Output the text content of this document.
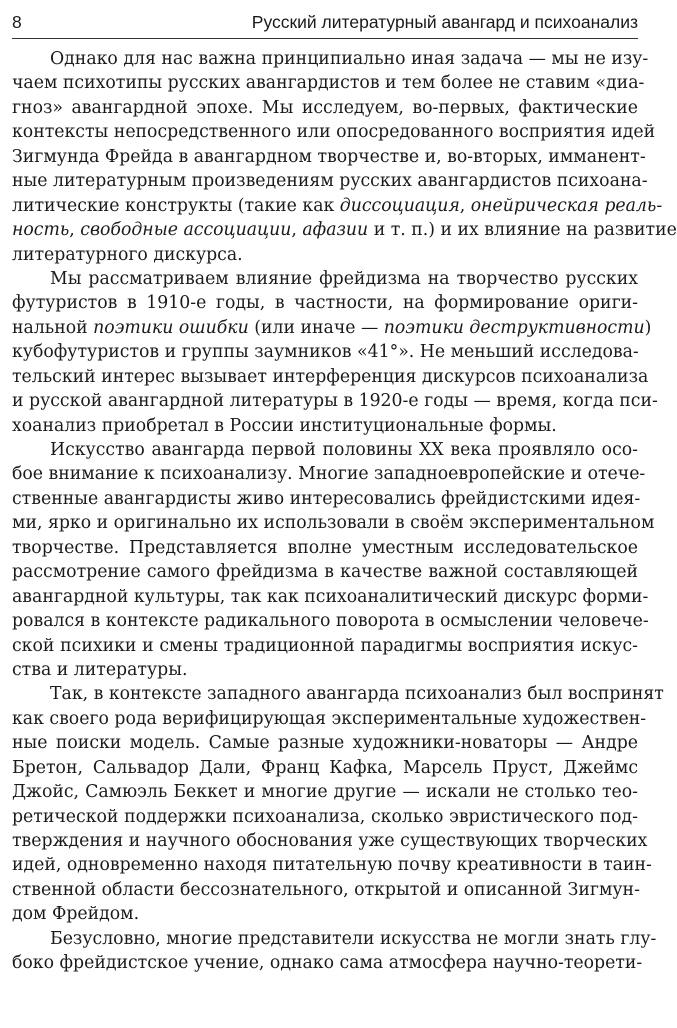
8	Русский литературный авангард и психоанализ
Однако для нас важна принципиально иная задача — мы не изу-
чаем психотипы русских авангардистов и тем более не ставим «диа-
гноз» авангардной эпохе. Мы исследуем, во-первых, фактические
контексты непосредственного или опосредованного восприятия идей
Зигмунда Фрейда в авангардном творчестве и, во-вторых, имманент-
ные литературным произведениям русских авангардистов психоана-
литические конструкты (такие как диссоциация, онейрическая реаль-
ность, свободные ассоциации, афазии и т. п.) и их влияние на развитие
литературного дискурса.
Мы рассматриваем влияние фрейдизма на творчество русских
футуристов в 1910-е годы, в частности, на формирование ориги-
нальной поэтики ошибки (или иначе — поэтики деструктивности)
кубофутуристов и группы заумников «41°». Не меньший исследова-
тельский интерес вызывает интерференция дискурсов психоанализа
и русской авангардной литературы в 1920-е годы — время, когда пси-
хоанализ приобретал в России институциональные формы.
Искусство авангарда первой половины XX века проявляло осо-
бое внимание к психоанализу. Многие западноевропейские и отече-
ственные авангардисты живо интересовались фрейдистскими идея-
ми, ярко и оригинально их использовали в своём экспериментальном
творчестве. Представляется вполне уместным исследовательское
рассмотрение самого фрейдизма в качестве важной составляющей
авангардной культуры, так как психоаналитический дискурс форми-
ровался в контексте радикального поворота в осмыслении человече-
ской психики и смены традиционной парадигмы восприятия искус-
ства и литературы.
Так, в контексте западного авангарда психоанализ был воспринят
как своего рода верифицирующая экспериментальные художествен-
ные поиски модель. Самые разные художники-новаторы — Андре
Бретон, Сальвадор Дали, Франц Кафка, Марсель Пруст, Джеймс
Джойс, Самюэль Беккет и многие другие — искали не столько тео-
ретической поддержки психоанализа, сколько эвристического под-
тверждения и научного обоснования уже существующих творческих
идей, одновременно находя питательную почву креативности в таин-
ственной области бессознательного, открытой и описанной Зигмун-
дом Фрейдом.
Безусловно, многие представители искусства не могли знать глу-
боко фрейдистское учение, однако сама атмосфера научно-теорети-
